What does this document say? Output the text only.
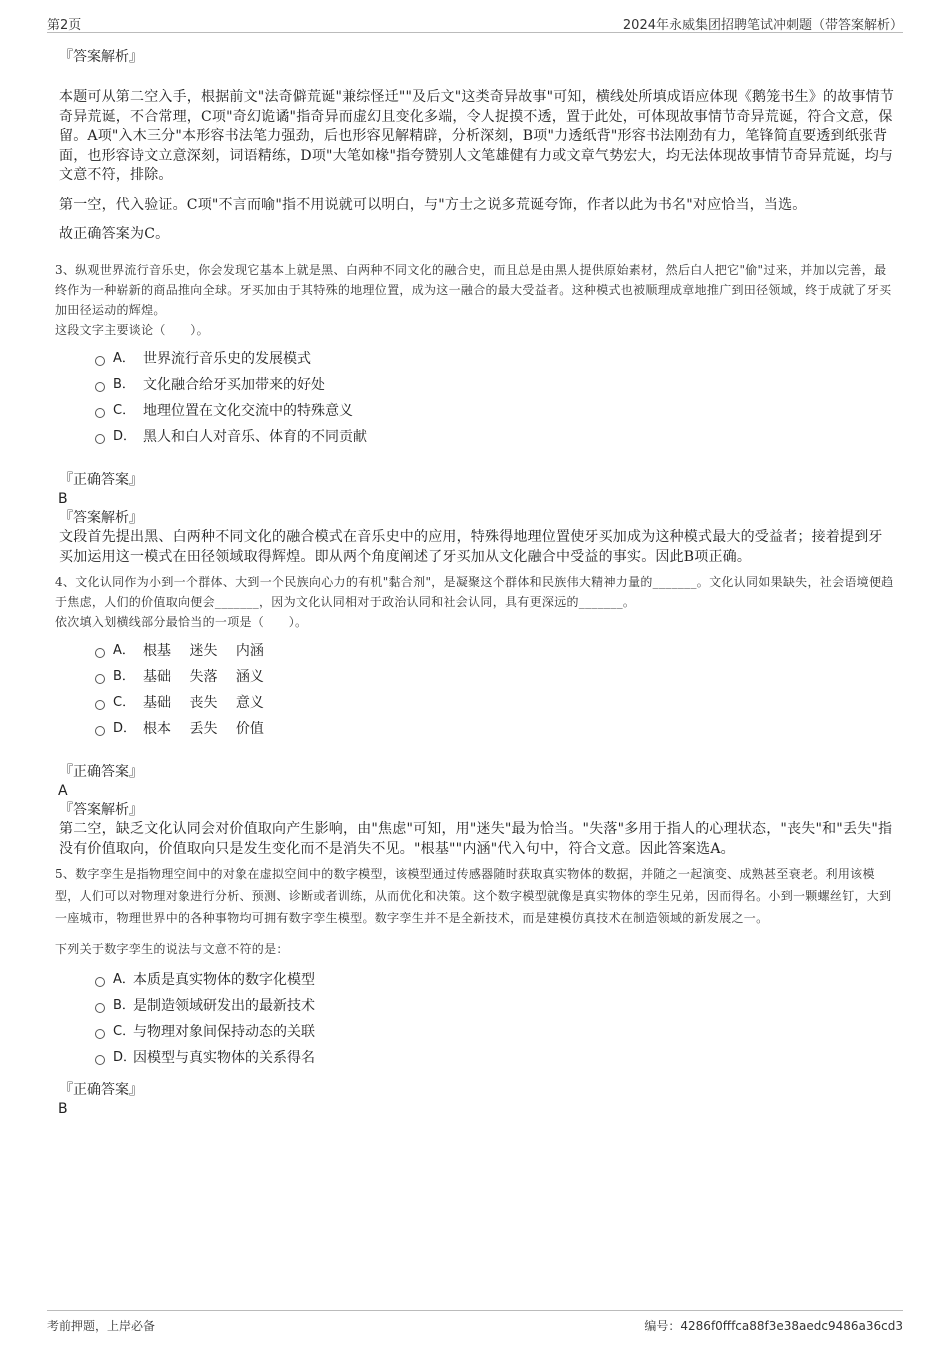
第2页	2024年永威集团招聘笔试冲刺题（带答案解析）
『答案解析』

本题可从第二空入手，根据前文"法奇僻荒诞"兼综怪迁""及后文"这类奇异故事"可知，横线处所填成语应体现《鹅笼书生》的故事情节奇异荒诞，不合常理，C项"奇幻诡谲"指奇异而虚幻且变化多端，令人捉摸不透，置于此处，可体现故事情节奇异荒诞，符合文意，保留。A项"入木三分"本形容书法笔力强劲，后也形容见解精辟，分析深刻，B项"力透纸背"形容书法刚劲有力，笔锋简直要透到纸张背面，也形容诗文立意深刻，词语精练，D项"大笔如椽"指夸赞别人文笔雄健有力或文章气势宏大，均无法体现故事情节奇异荒诞，均与文意不符，排除。

第一空，代入验证。C项"不言而喻"指不用说就可以明白，与"方士之说多荒诞夸饰，作者以此为书名"对应恰当，当选。

故正确答案为C。

3、纵观世界流行音乐史，你会发现它基本上就是黑、白两种不同文化的融合史，而且总是由黑人提供原始素材，然后白人把它"偷"过来，并加以完善，最终作为一种崭新的商品推向全球。牙买加由于其特殊的地理位置，成为这一融合的最大受益者。这种模式也被顺理成章地推广到田径领域，终于成就了牙买加田径运动的辉煌。

这段文字主要谈论（　　）。

A． 世界流行音乐史的发展模式
B． 文化融合给牙买加带来的好处
C． 地理位置在文化交流中的特殊意义
D． 黑人和白人对音乐、体育的不同贡献
『正确答案』
B
『答案解析』

文段首先提出黑、白两种不同文化的融合模式在音乐史中的应用，特殊得地理位置使牙买加成为这种模式最大的受益者；接着提到牙买加运用这一模式在田径领域取得辉煌。即从两个角度阐述了牙买加从文化融合中受益的事实。因此B项正确。

4、文化认同作为小到一个群体、大到一个民族向心力的有机"黏合剂"，是凝聚这个群体和民族伟大精神力量的_______。文化认同如果缺失，社会语境便趋于焦虑，人们的价值取向便会_______，因为文化认同相对于政治认同和社会认同，具有更深远的_______。

依次填入划横线部分最恰当的一项是（　　）。

A． 根基　 迷失　 内涵
B． 基础　 失落　 涵义
C． 基础　 丧失　 意义
D． 根本　 丢失　 价值
『正确答案』
A
『答案解析』

第二空，缺乏文化认同会对价值取向产生影响，由"焦虑"可知，用"迷失"最为恰当。"失落"多用于指人的心理状态，"丧失"和"丢失"指没有价值取向，价值取向只是发生变化而不是消失不见。"根基""内涵"代入句中，符合文意。因此答案选A。

5、数字孪生是指物理空间中的对象在虚拟空间中的数字模型，该模型通过传感器随时获取真实物体的数据，并随之一起演变、成熟甚至衰老。利用该模型，人们可以对物理对象进行分析、预测、诊断或者训练，从而优化和决策。这个数字模型就像是真实物体的孪生兄弟，因而得名。小到一颗螺丝钉，大到一座城市，物理世界中的各种事物均可拥有数字孪生模型。数字孪生并不是全新技术，而是建模仿真技术在制造领域的新发展之一。

下列关于数字孪生的说法与文意不符的是：

A．
本质是真实物体的数字化模型
B．
是制造领域研发出的最新技术
C．
与物理对象间保持动态的关联
D．
因模型与真实物体的关系得名
『正确答案』
B
考前押题，上岸必备	编号：4286f0fffca88f3e38aedc9486a36cd3
